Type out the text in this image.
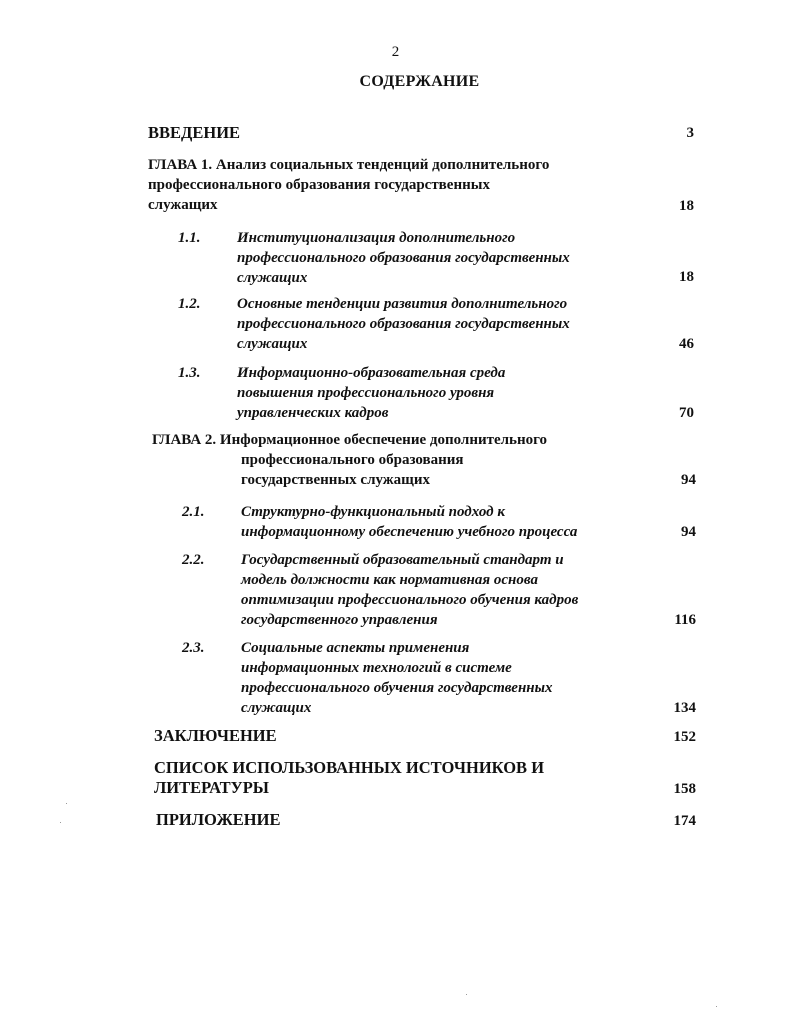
2
СОДЕРЖАНИЕ
ВВЕДЕНИЕ	3
ГЛАВА 1. Анализ социальных тенденций дополнительного
профессионального образования государственных
служащих	18
1.1. Институционализация дополнительного
профессионального образования государственных
служащих	18
1.2. Основные тенденции развития дополнительного
профессионального образования государственных
служащих	46
1.3. Информационно-образовательная среда
повышения профессионального уровня
управленческих кадров	70
ГЛАВА 2. Информационное обеспечение дополнительного
профессионального образования
государственных служащих	94
2.1. Структурно-функциональный подход к
информационному обеспечению учебного процесса	94
2.2. Государственный образовательный стандарт и
модель должности как нормативная основа
оптимизации профессионального обучения кадров
государственного управления	116
2.3. Социальные аспекты применения
информационных технологий в системе
профессионального обучения государственных
служащих	134
ЗАКЛЮЧЕНИЕ	152
СПИСОК ИСПОЛЬЗОВАННЫХ ИСТОЧНИКОВ И
ЛИТЕРАТУРЫ	158
ПРИЛОЖЕНИЕ	174
